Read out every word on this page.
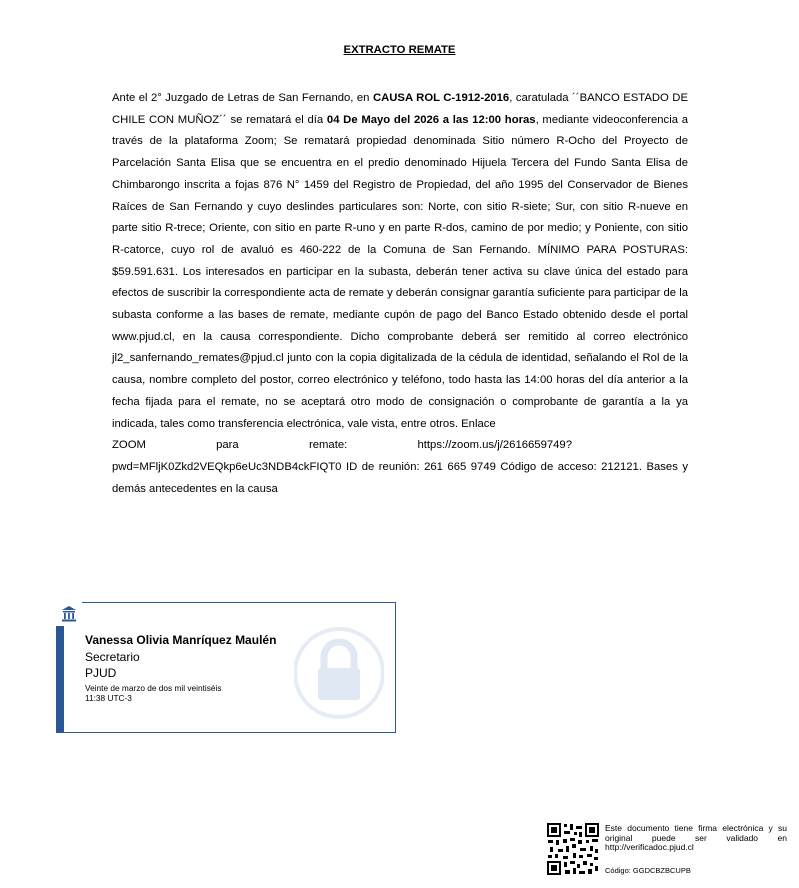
EXTRACTO REMATE
Ante el 2° Juzgado de Letras de San Fernando, en CAUSA ROL C-1912-2016, caratulada ´´BANCO ESTADO DE CHILE CON MUÑOZ´´ se rematará el día 04 De Mayo del 2026 a las 12:00 horas, mediante videoconferencia a través de la plataforma Zoom; Se rematará propiedad denominada Sitio número R-Ocho del Proyecto de Parcelación Santa Elisa que se encuentra en el predio denominado Hijuela Tercera del Fundo Santa Elisa de Chimbarongo inscrita a fojas 876 N° 1459 del Registro de Propiedad, del año 1995 del Conservador de Bienes Raíces de San Fernando y cuyo deslindes particulares son: Norte, con sitio R-siete; Sur, con sitio R-nueve en parte sitio R-trece; Oriente, con sitio en parte R-uno y en parte R-dos, camino de por medio; y Poniente, con sitio R-catorce, cuyo rol de avaluó es 460-222 de la Comuna de San Fernando. MÍNIMO PARA POSTURAS: $59.591.631. Los interesados en participar en la subasta, deberán tener activa su clave única del estado para efectos de suscribir la correspondiente acta de remate y deberán consignar garantía suficiente para participar de la subasta conforme a las bases de remate, mediante cupón de pago del Banco Estado obtenido desde el portal www.pjud.cl, en la causa correspondiente. Dicho comprobante deberá ser remitido al correo electrónico jl2_sanfernando_remates@pjud.cl junto con la copia digitalizada de la cédula de identidad, señalando el Rol de la causa, nombre completo del postor, correo electrónico y teléfono, todo hasta las 14:00 horas del día anterior a la fecha fijada para el remate, no se aceptará otro modo de consignación o comprobante de garantía a la ya indicada, tales como transferencia electrónica, vale vista, entre otros. Enlace
ZOOM	para	remate:	https://zoom.us/j/2616659749?
pwd=MFljK0Zkd2VEQkp6eUc3NDB4ckFIQT0 ID de reunión: 261 665 9749 Código de acceso: 212121. Bases y demás antecedentes en la causa
Vanessa Olivia Manríquez Maulén
Secretario
PJUD
Veinte de marzo de dos mil veintiséis
11:38 UTC-3
Este documento tiene firma electrónica y su original puede ser validado en http://verificadoc.pjud.cl
Código: GGDCBZBCUPB
